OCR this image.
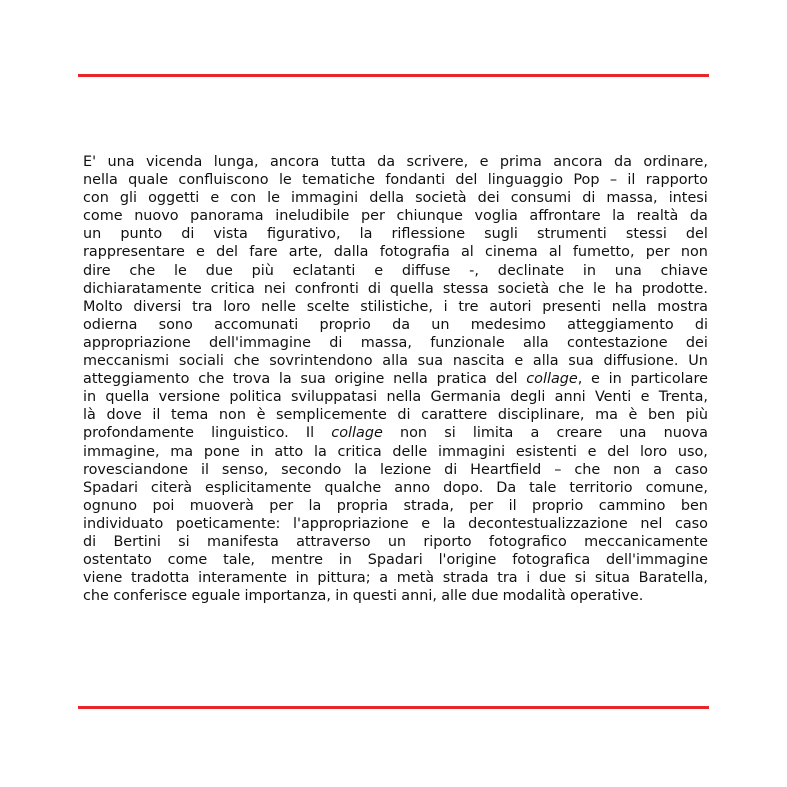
E' una vicenda lunga, ancora tutta da scrivere, e prima ancora da ordinare,
nella quale confluiscono le tematiche fondanti del linguaggio Pop – il rapporto
con gli oggetti e con le immagini della società dei consumi di massa, intesi
come nuovo panorama ineludibile per chiunque voglia affrontare la realtà da
un punto di vista figurativo, la riflessione sugli strumenti stessi del
rappresentare e del fare arte, dalla fotografia al cinema al fumetto, per non
dire che le due più eclatanti e diffuse -, declinate in una chiave
dichiaratamente critica nei confronti di quella stessa società che le ha prodotte.
Molto diversi tra loro nelle scelte stilistiche, i tre autori presenti nella mostra
odierna sono accomunati proprio da un medesimo atteggiamento di
appropriazione dell'immagine di massa, funzionale alla contestazione dei
meccanismi sociali che sovrintendono alla sua nascita e alla sua diffusione. Un
atteggiamento che trova la sua origine nella pratica del collage, e in particolare
in quella versione politica sviluppatasi nella Germania degli anni Venti e Trenta,
là dove il tema non è semplicemente di carattere disciplinare, ma è ben più
profondamente linguistico. Il collage non si limita a creare una nuova
immagine, ma pone in atto la critica delle immagini esistenti e del loro uso,
rovesciandone il senso, secondo la lezione di Heartfield – che non a caso
Spadari citerà esplicitamente qualche anno dopo. Da tale territorio comune,
ognuno poi muoverà per la propria strada, per il proprio cammino ben
individuato poeticamente: l'appropriazione e la decontestualizzazione nel caso
di Bertini si manifesta attraverso un riporto fotografico meccanicamente
ostentato come tale, mentre in Spadari l'origine fotografica dell'immagine
viene tradotta interamente in pittura; a metà strada tra i due si situa Baratella,
che conferisce eguale importanza, in questi anni, alle due modalità operative.
